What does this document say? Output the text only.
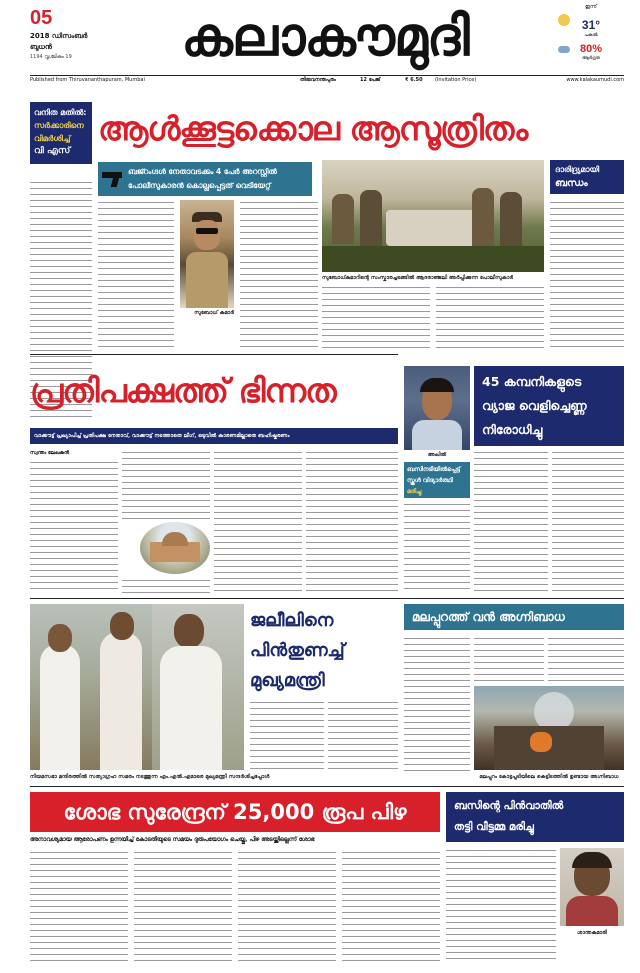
05
2018 ഡിസംബർ
ബുധൻ
1194 വൃശ്ചികം 19	കലാകൗമുദി	ഇന്ന്
31°
പകൽ
80%
ആർദ്രത
Published from Thiruvananthapuram, Mumbai	തിരുവനന്തപുരം	12 പേജ്	₹ 6.50 (Invitation Price)	www.kalakaumudi.com
വനിത മതിൽ:
സർക്കാരിനെ
വിമർശിച്ച്
വി എസ്
ആൾക്കൂട്ടക്കൊല ആസൂത്രിതം
ബജ്റംഗ്ദൾ നേതാവടക്കം 4 പേർ അറസ്റ്റിൽ പോലീസുകാരൻ കൊല്ലപ്പെട്ടത് വെടിയേറ്റ്
സുബോധ് കുമാർ
സുബോധ്കുമാറിന്റെ സംസ്കാരച്ചടങ്ങിൽ ആദരാഞ്ജലി അർപ്പിക്കുന്ന പോലീസുകാർ
ദാരിദ്ര്യമായി
ബന്ധം
പ്രതിപക്ഷത്ത് ഭിന്നത
വാക്കൗട്ട് പ്രഖ്യാപിച്ച് പ്രതിപക്ഷ നേതാവ്, വാക്കൗട്ട് നടത്താതെ ലീഗ്, ഒടുവിൽ കാരണമില്ലാതെ ബഹിഷ്കരണം
സ്വന്തം ലേഖകൻ	അഖിൽ
ബസിനടിയിൽപ്പെട്ട്
സ്കൂൾ വിദ്യാർത്ഥി
മരിച്ചു
45 കമ്പനികളുടെ
വ്യാജ വെളിച്ചെണ്ണ
നിരോധിച്ചു
നിയമസഭാ മന്ദിരത്തിൽ സത്യാഗ്രഹ സമരം നടത്തുന്ന എം.എൽ.എമാരെ മുഖ്യമന്ത്രി സന്ദർശിച്ചപ്പോൾ
ജലീലിനെ
പിൻതുണച്ച്
മുഖ്യമന്ത്രി
മലപ്പുറത്ത് വൻ അഗ്നിബാധ
മലപ്പുറം കോട്ടപ്പടിയിലെ കെട്ടിടത്തിൽ ഉണ്ടായ അഗ്നിബാധ
ശോഭ സുരേന്ദ്രന് 25,000 രൂപ പിഴ
അനാവശ്യമായ ആരോപണം ഉന്നയിച്ച് കോടതിയുടെ സമയം ദുരുപയോഗം ചെയ്തു, പിഴ അടയ്ക്കില്ലെന്ന് ശോഭ
ബസിന്റെ പിൻവാതിൽ
തട്ടി വീട്ടമ്മ മരിച്ചു
ശാന്തകുമാരി
